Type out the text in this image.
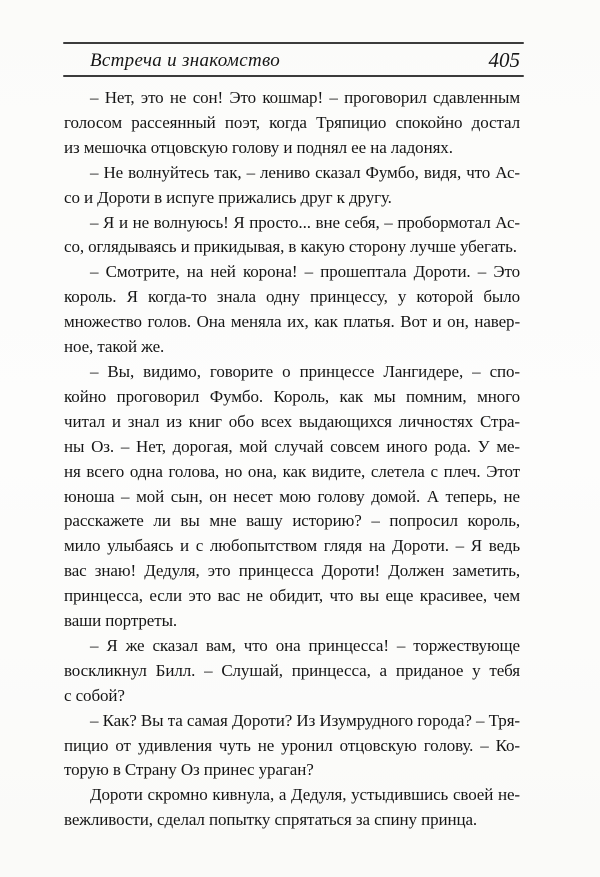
Встреча и знакомство	405
– Нет, это не сон! Это кошмар! – проговорил сдавленным
голосом рассеянный поэт, когда Тряпицио спокойно достал
из мешочка отцовскую голову и поднял ее на ладонях.
– Не волнуйтесь так, – лениво сказал Фумбо, видя, что Ас-
со и Дороти в испуге прижались друг к другу.
– Я и не волнуюсь! Я просто... вне себя, – пробормотал Ас-
со, оглядываясь и прикидывая, в какую сторону лучше убегать.
– Смотрите, на ней корона! – прошептала Дороти. – Это
король. Я когда-то знала одну принцессу, у которой было
множество голов. Она меняла их, как платья. Вот и он, навер-
ное, такой же.
– Вы, видимо, говорите о принцессе Лангидере, – спо-
койно проговорил Фумбо. Король, как мы помним, много
читал и знал из книг обо всех выдающихся личностях Стра-
ны Оз. – Нет, дорогая, мой случай совсем иного рода. У ме-
ня всего одна голова, но она, как видите, слетела с плеч. Этот
юноша – мой сын, он несет мою голову домой. А теперь, не
расскажете ли вы мне вашу историю? – попросил король,
мило улыбаясь и с любопытством глядя на Дороти. – Я ведь
вас знаю! Дедуля, это принцесса Дороти! Должен заметить,
принцесса, если это вас не обидит, что вы еще красивее, чем
ваши портреты.
– Я же сказал вам, что она принцесса! – торжествующе
воскликнул Билл. – Слушай, принцесса, а приданое у тебя
с собой?
– Как? Вы та самая Дороти? Из Изумрудного города? – Тря-
пицио от удивления чуть не уронил отцовскую голову. – Ко-
торую в Страну Оз принес ураган?
Дороти скромно кивнула, а Дедуля, устыдившись своей не-
вежливости, сделал попытку спрятаться за спину принца.
